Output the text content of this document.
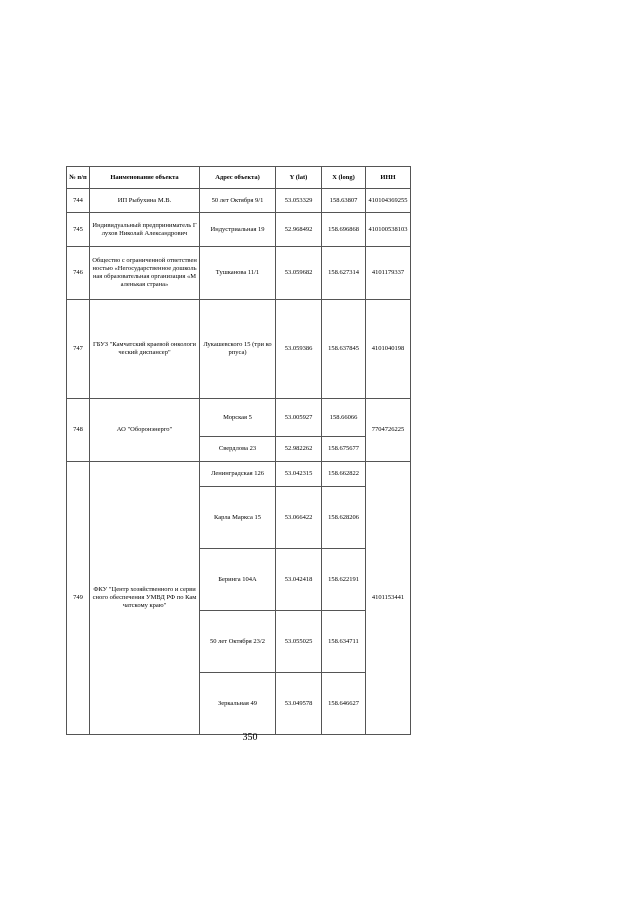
№ п/п	Наименование объекта	Адрес объекта)	Y (lat)	X (long)	ИНН
744	ИП Рыбухина М.В.	50 лет Октября 9/1	53.053329	158.63807	410104369255
745	Индивидуальный предприниматель Глухов Николай Александрович	Индустриальная 19	52.968492	158.696868	410100538103
746	Общество с ограниченной ответственностью «Негосударственное дошкольная образовательная организация «Маленькая страна»	Тушканова 11/1	53.059682	158.627314	4101179337
747	ГБУЗ "Камчатский краевой онкологический диспансер"	Лукашевского 15 (три корпуса)	53.059386	158.637845	4101040198
748	АО "Оборонэнерго"	Морская 5	53.005927	158.66066	7704726225
		Свердлова 23	52.982262	158.675677	
749	ФКУ "Центр хозяйственного и сервисного обеспечения УМВД РФ по Камчатскому краю"	Ленинградская 126	53.042315	158.662822	4101153441
		Карла Маркса 15	53.066422	158.628206	
		Беринга 104А	53.042418	158.622191	
		50 лет Октября 23/2	53.055025	158.634711	
		Зеркальная 49	53.049578	158.646627	
350
